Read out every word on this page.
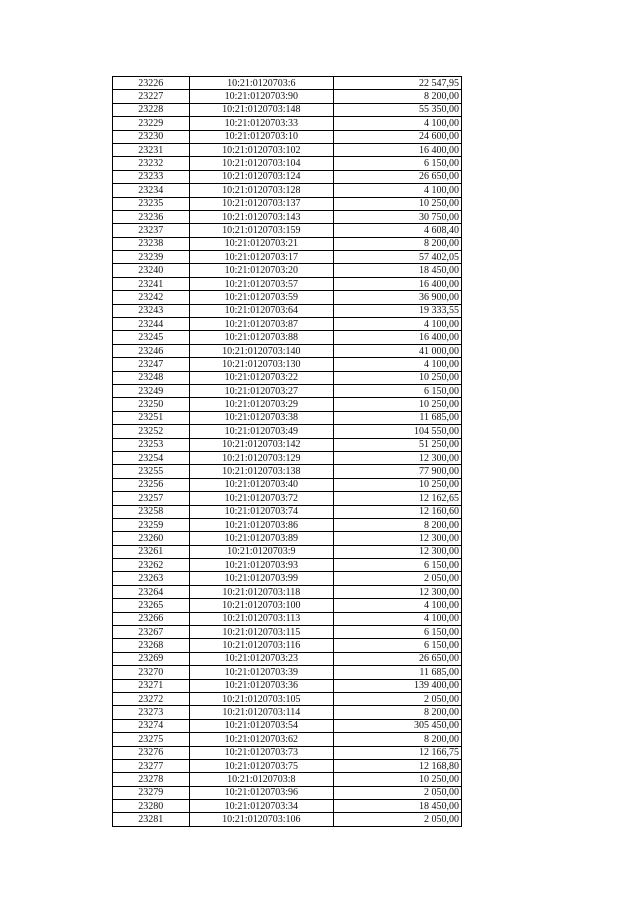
23226	10:21:0120703:6	22 547,95
23227	10:21:0120703:90	8 200,00
23228	10:21:0120703:148	55 350,00
23229	10:21:0120703:33	4 100,00
23230	10:21:0120703:10	24 600,00
23231	10:21:0120703:102	16 400,00
23232	10:21:0120703:104	6 150,00
23233	10:21:0120703:124	26 650,00
23234	10:21:0120703:128	4 100,00
23235	10:21:0120703:137	10 250,00
23236	10:21:0120703:143	30 750,00
23237	10:21:0120703:159	4 608,40
23238	10:21:0120703:21	8 200,00
23239	10:21:0120703:17	57 402,05
23240	10:21:0120703:20	18 450,00
23241	10:21:0120703:57	16 400,00
23242	10:21:0120703:59	36 900,00
23243	10:21:0120703:64	19 333,55
23244	10:21:0120703:87	4 100,00
23245	10:21:0120703:88	16 400,00
23246	10:21:0120703:140	41 000,00
23247	10:21:0120703:130	4 100,00
23248	10:21:0120703:22	10 250,00
23249	10:21:0120703:27	6 150,00
23250	10:21:0120703:29	10 250,00
23251	10:21:0120703:38	11 685,00
23252	10:21:0120703:49	104 550,00
23253	10:21:0120703:142	51 250,00
23254	10:21:0120703:129	12 300,00
23255	10:21:0120703:138	77 900,00
23256	10:21:0120703:40	10 250,00
23257	10:21:0120703:72	12 162,65
23258	10:21:0120703:74	12 160,60
23259	10:21:0120703:86	8 200,00
23260	10:21:0120703:89	12 300,00
23261	10:21:0120703:9	12 300,00
23262	10:21:0120703:93	6 150,00
23263	10:21:0120703:99	2 050,00
23264	10:21:0120703:118	12 300,00
23265	10:21:0120703:100	4 100,00
23266	10:21:0120703:113	4 100,00
23267	10:21:0120703:115	6 150,00
23268	10:21:0120703:116	6 150,00
23269	10:21:0120703:23	26 650,00
23270	10:21:0120703:39	11 685,00
23271	10:21:0120703:36	139 400,00
23272	10:21:0120703:105	2 050,00
23273	10:21:0120703:114	8 200,00
23274	10:21:0120703:54	305 450,00
23275	10:21:0120703:62	8 200,00
23276	10:21:0120703:73	12 166,75
23277	10:21:0120703:75	12 168,80
23278	10:21:0120703:8	10 250,00
23279	10:21:0120703:96	2 050,00
23280	10:21:0120703:34	18 450,00
23281	10:21:0120703:106	2 050,00
